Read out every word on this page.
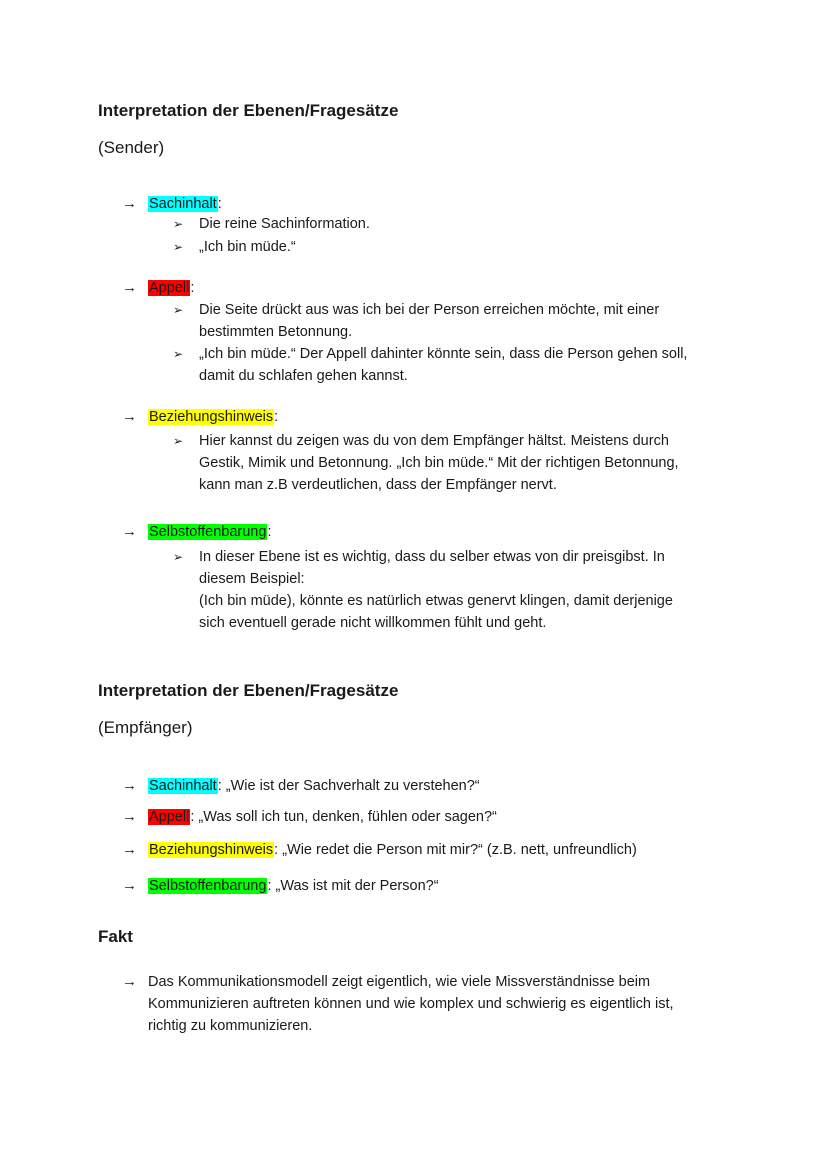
Interpretation der Ebenen/Fragesätze
(Sender)
→ Sachinhalt:
➢ Die reine Sachinformation.
➢ „Ich bin müde.“
→ Appell:
➢ Die Seite drückt aus was ich bei der Person erreichen möchte, mit einer
bestimmten Betonnung.
➢ „Ich bin müde.“ Der Appell dahinter könnte sein, dass die Person gehen soll,
damit du schlafen gehen kannst.
→ Beziehungshinweis:
➢ Hier kannst du zeigen was du von dem Empfänger hältst. Meistens durch
Gestik, Mimik und Betonnung. „Ich bin müde.“ Mit der richtigen Betonnung,
kann man z.B verdeutlichen, dass der Empfänger nervt.
→ Selbstoffenbarung:
➢ In dieser Ebene ist es wichtig, dass du selber etwas von dir preisgibst. In
diesem Beispiel:
(Ich bin müde), könnte es natürlich etwas genervt klingen, damit derjenige
sich eventuell gerade nicht willkommen fühlt und geht.
Interpretation der Ebenen/Fragesätze
(Empfänger)
→ Sachinhalt: „Wie ist der Sachverhalt zu verstehen?“
→ Appell: „Was soll ich tun, denken, fühlen oder sagen?“
→ Beziehungshinweis: „Wie redet die Person mit mir?“ (z.B. nett, unfreundlich)
→ Selbstoffenbarung: „Was ist mit der Person?“
Fakt
→ Das Kommunikationsmodell zeigt eigentlich, wie viele Missverständnisse beim
Kommunizieren auftreten können und wie komplex und schwierig es eigentlich ist,
richtig zu kommunizieren.
